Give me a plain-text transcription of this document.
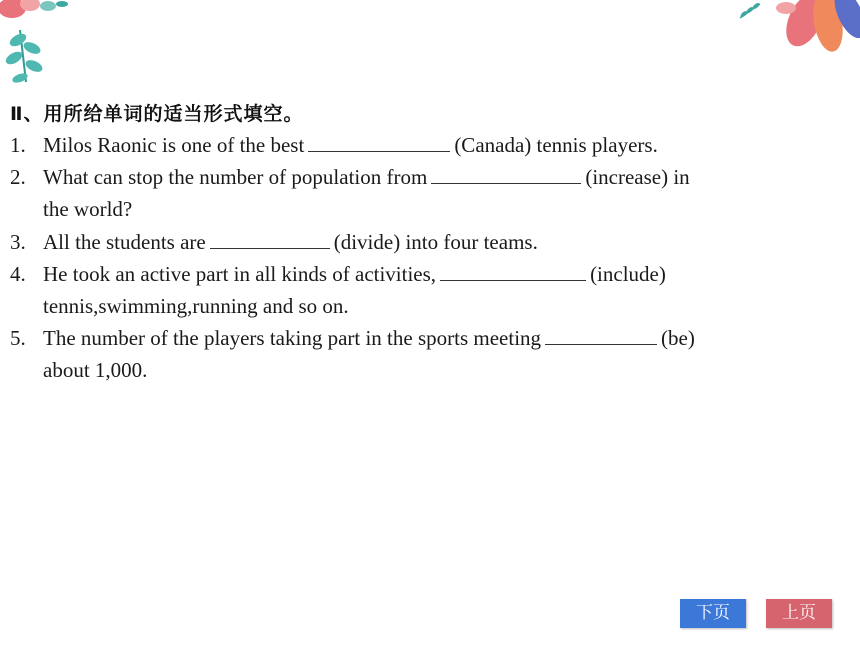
Ⅱ、用所给单词的适当形式填空。
1. Milos Raonic is one of the best	(Canada) tennis players.
2. What can stop the number of population from	(increase) in
the world?
3. All the students are	(divide) into four teams.
4. He took an active part in all kinds of activities,	(include)
tennis,swimming,running and so on.
5. The number of the players taking part in the sports meeting	(be)
about 1,000.
下页	上页
